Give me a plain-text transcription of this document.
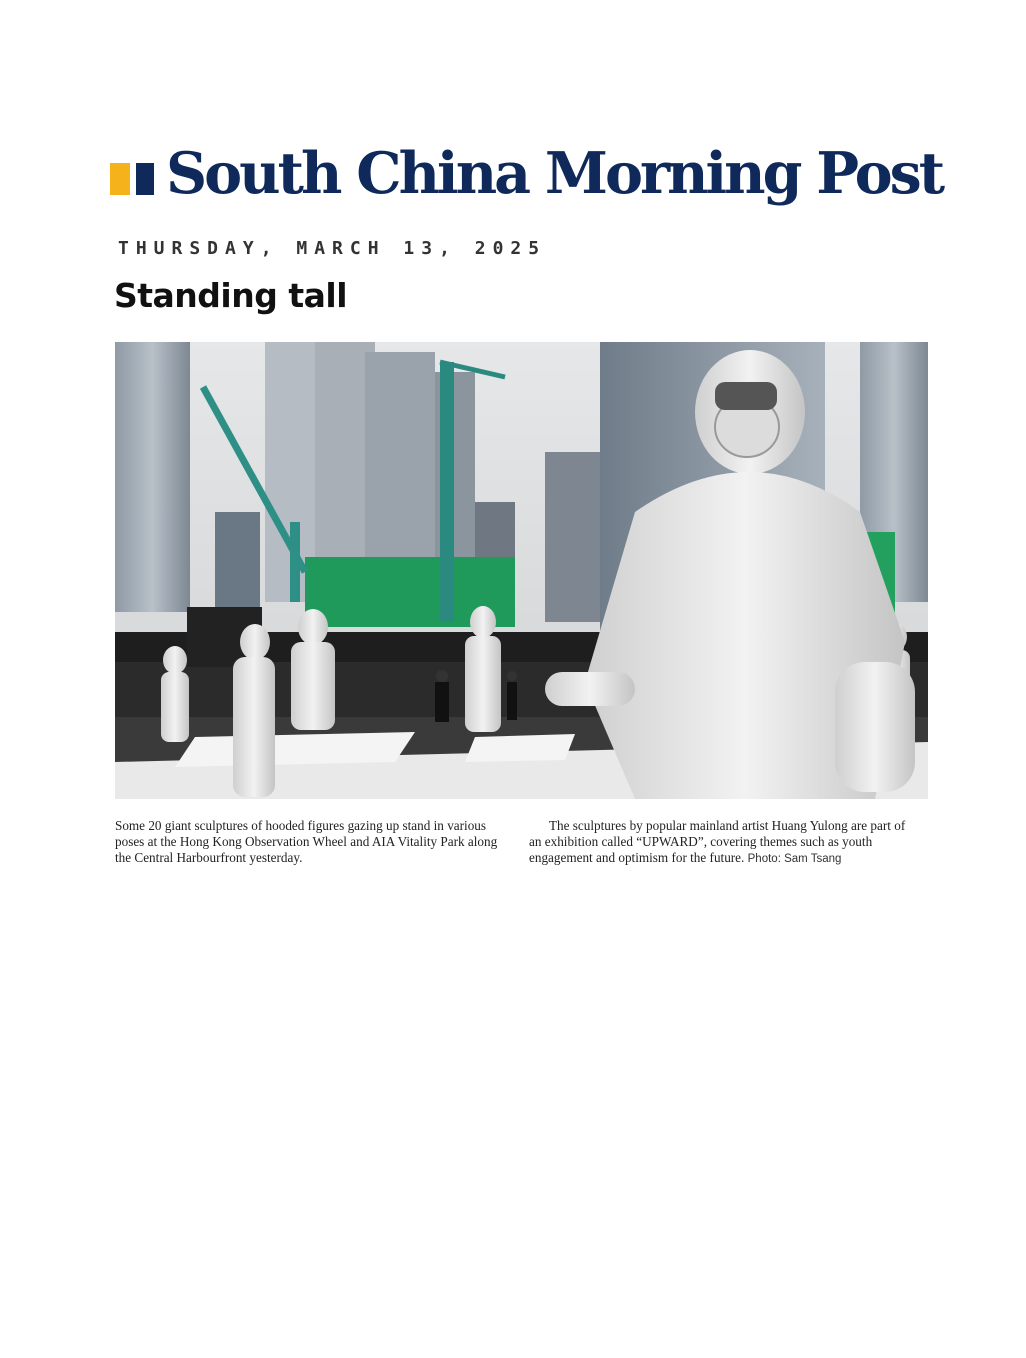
South China Morning Post
THURSDAY, MARCH 13, 2025
Standing tall
Some 20 giant sculptures of hooded figures gazing up stand in various poses at the Hong Kong Observation Wheel and AIA Vitality Park along the Central Harbourfront yesterday.
The sculptures by popular mainland artist Huang Yulong are part of an exhibition called “UPWARD”, covering themes such as youth engagement and optimism for the future. Photo: Sam Tsang
